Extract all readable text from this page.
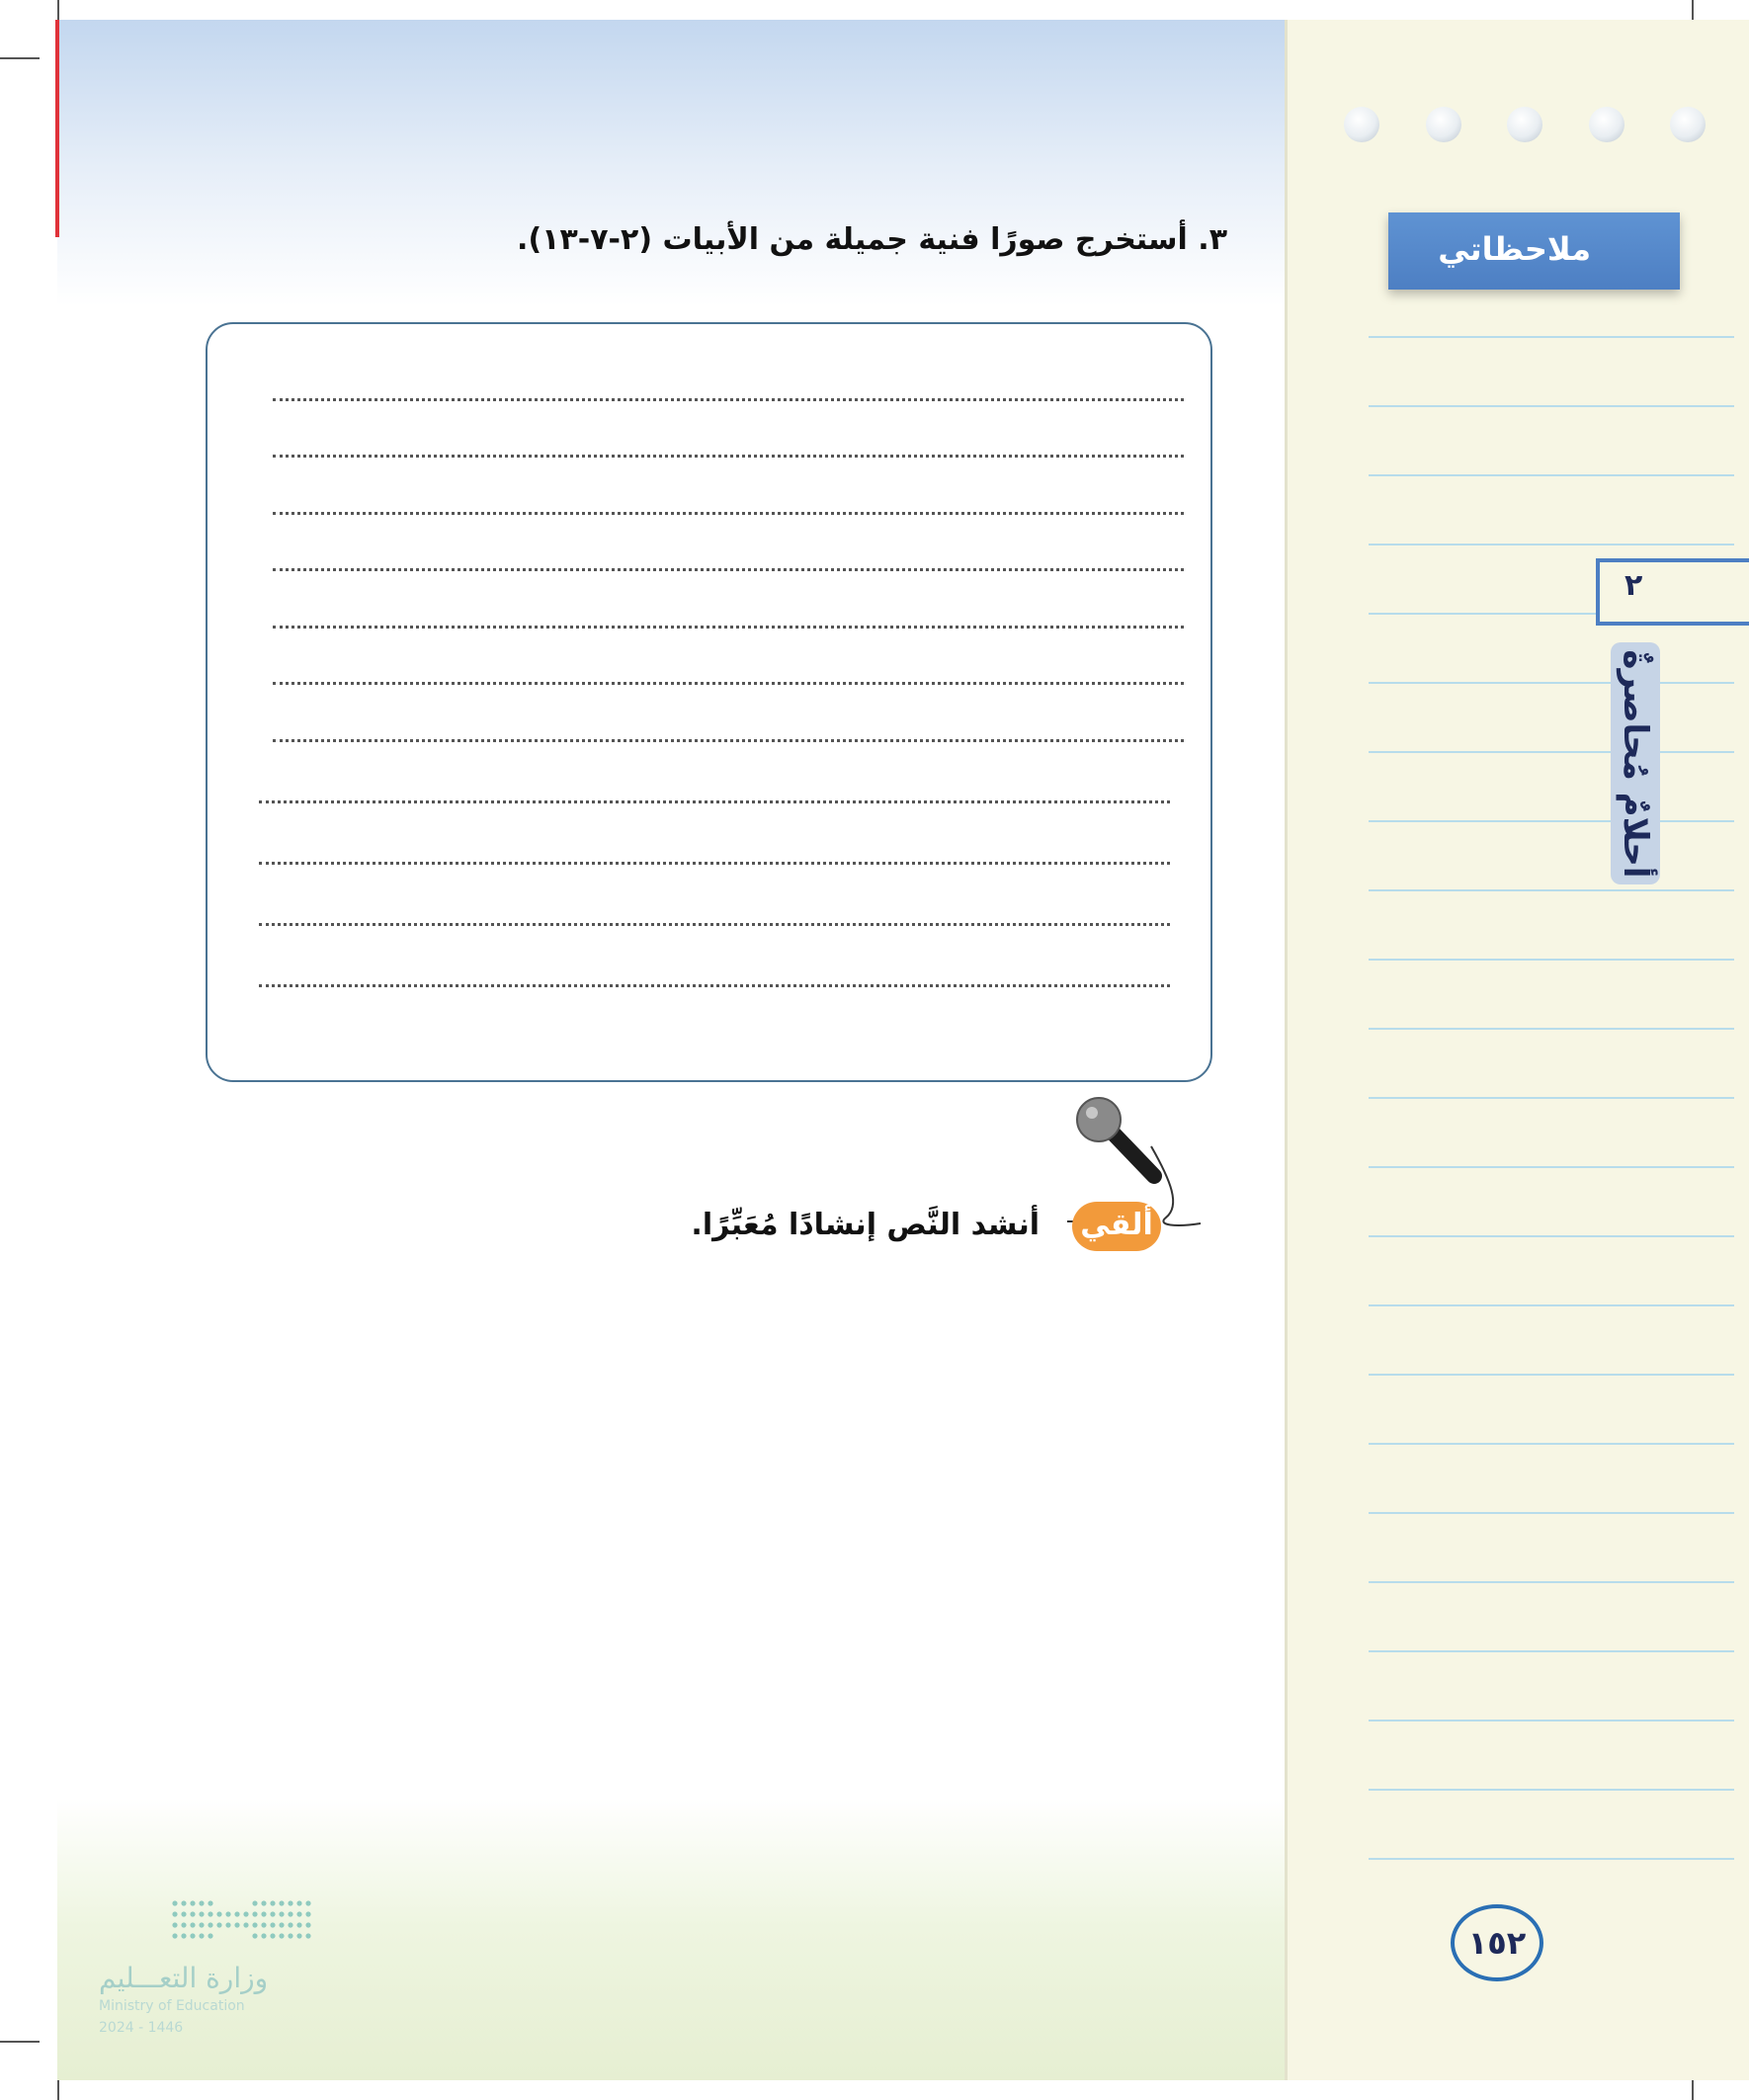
ملاحظاتي
٢
أحلامٌ مُحاصرةٌ
٣. أستخرج صورًا فنية جميلة من الأبيات (٢-٧-١٣).
ألقي
أنشد النَّص إنشادًا مُعَبِّرًا.
١٥٢
وزارة التعـــليم
Ministry of Education
2024 - 1446
